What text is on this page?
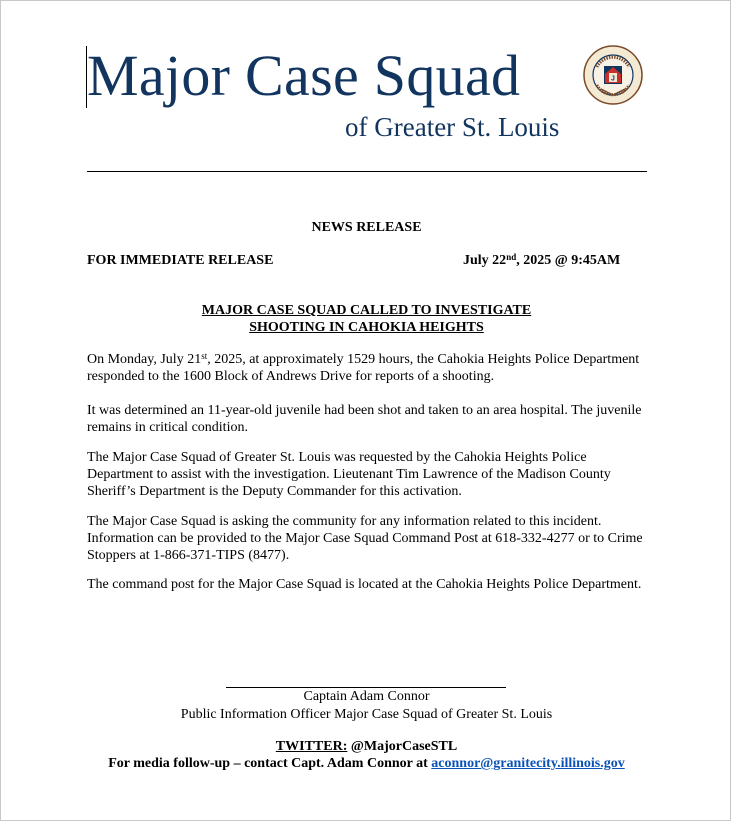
Major Case Squad
of Greater St. Louis
J
NEWS RELEASE
FOR IMMEDIATE RELEASE	July 22nd, 2025 @ 9:45AM
MAJOR CASE SQUAD CALLED TO INVESTIGATE
SHOOTING IN CAHOKIA HEIGHTS
On Monday, July 21st, 2025, at approximately 1529 hours, the Cahokia Heights Police Department responded to the 1600 Block of Andrews Drive for reports of a shooting.
It was determined an 11-year-old juvenile had been shot and taken to an area hospital. The juvenile remains in critical condition.
The Major Case Squad of Greater St. Louis was requested by the Cahokia Heights Police Department to assist with the investigation. Lieutenant Tim Lawrence of the Madison County Sheriff’s Department is the Deputy Commander for this activation.
The Major Case Squad is asking the community for any information related to this incident. Information can be provided to the Major Case Squad Command Post at 618-332-4277 or to Crime Stoppers at 1-866-371-TIPS (8477).
The command post for the Major Case Squad is located at the Cahokia Heights Police Department.
Captain Adam Connor
Public Information Officer Major Case Squad of Greater St. Louis
TWITTER: @MajorCaseSTL
For media follow-up – contact Capt. Adam Connor at aconnor@granitecity.illinois.gov
